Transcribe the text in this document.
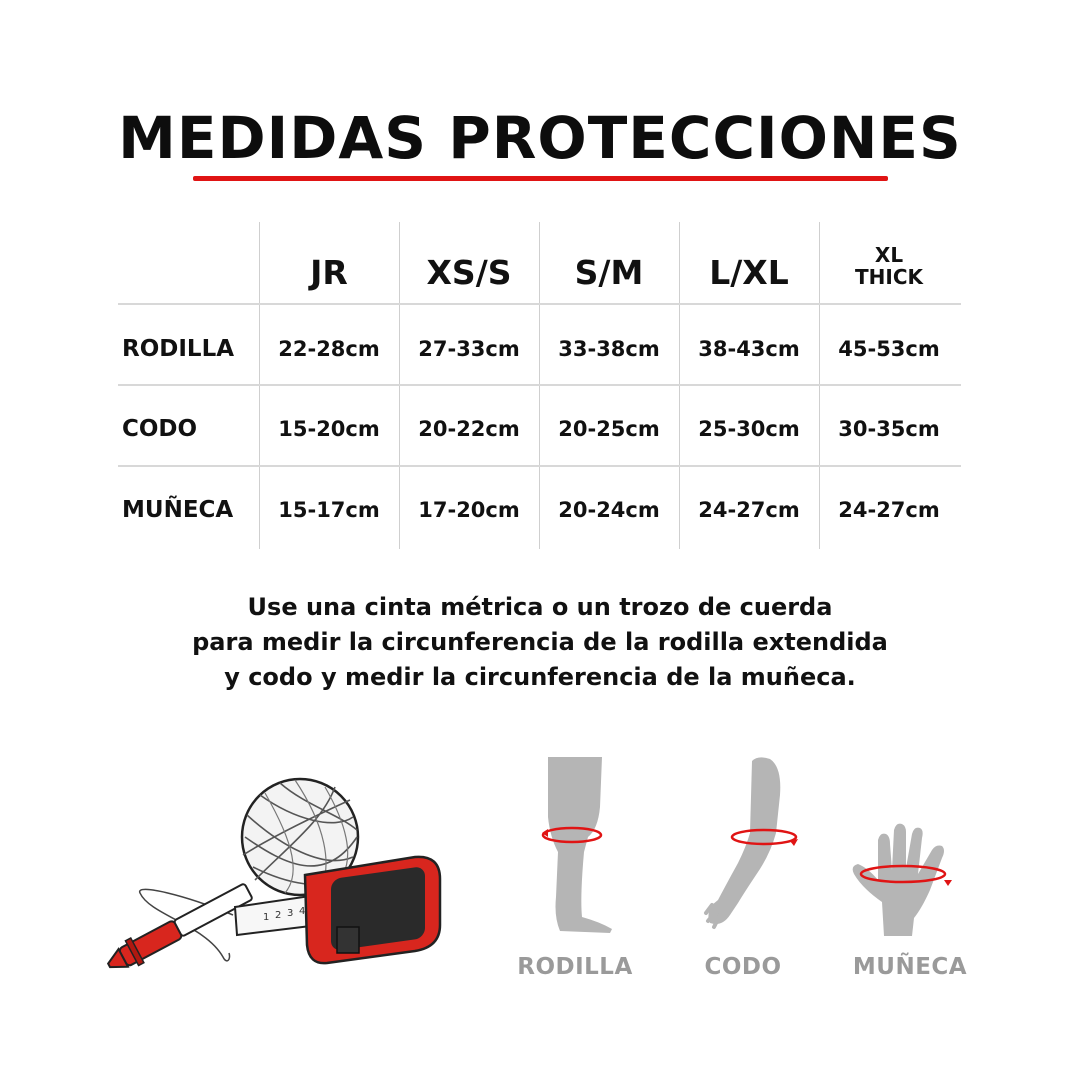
MEDIDAS PROTECCIONES
JR	XS/S	S/M	L/XL	XL
THICK
RODILLA	22-28cm	27-33cm	33-38cm	38-43cm	45-53cm
CODO	15-20cm	20-22cm	20-25cm	25-30cm	30-35cm
MUÑECA	15-17cm	17-20cm	20-24cm	24-27cm	24-27cm
Use una cinta métrica o un trozo de cuerda
para medir la circunferencia de la rodilla extendida
y codo y medir la circunferencia de la muñeca.
1 2 3 4
RODILLA	CODO	MUÑECA
